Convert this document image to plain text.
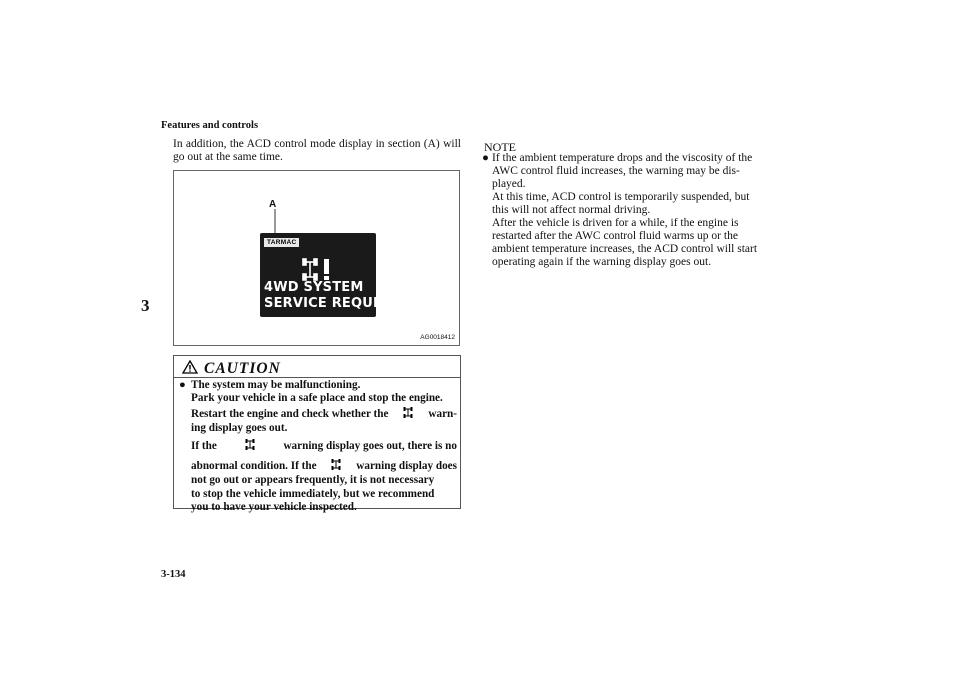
Features and controls
3
In addition, the ACD control mode display in section (A) will go out at the same time.
A
TARMAC
4WD SYSTEM
SERVICE REQUIRED
AG0018412
CAUTION
● The system may be malfunctioning.
Park your vehicle in a safe place and stop the engine.
Restart the engine and check whether the	warn-
ing display goes out.
If the	warning display goes out, there is no
abnormal condition. If the	warning display does
not go out or appears frequently, it is not necessary
to stop the vehicle immediately, but we recommend
you to have your vehicle inspected.
NOTE
● If the ambient temperature drops and the viscosity of the
AWC control fluid increases, the warning may be dis-
played.
At this time, ACD control is temporarily suspended, but
this will not affect normal driving.
After the vehicle is driven for a while, if the engine is
restarted after the AWC control fluid warms up or the
ambient temperature increases, the ACD control will start
operating again if the warning display goes out.
3-134
